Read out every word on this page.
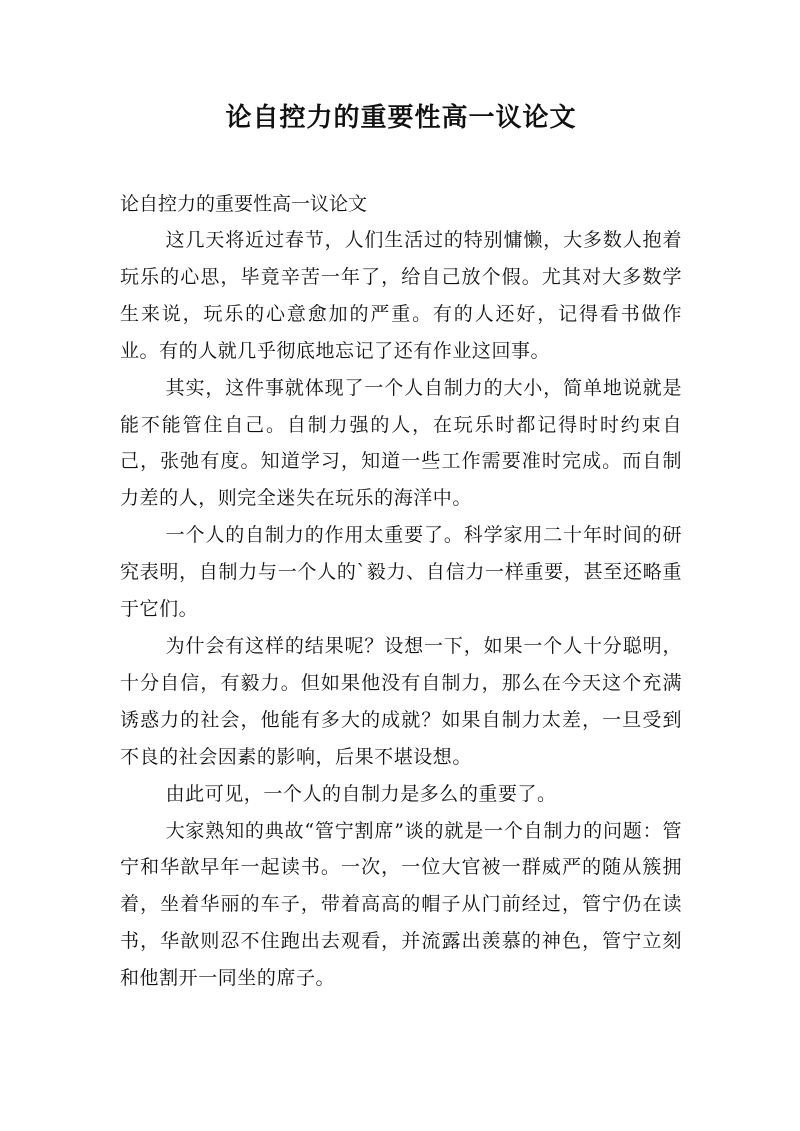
论自控力的重要性高一议论文
论自控力的重要性高一议论文

这几天将近过春节，人们生活过的特别慵懒，大多数人抱着玩乐的心思，毕竟辛苦一年了，给自己放个假。尤其对大多数学生来说，玩乐的心意愈加的严重。有的人还好，记得看书做作业。有的人就几乎彻底地忘记了还有作业这回事。

其实，这件事就体现了一个人自制力的大小，简单地说就是能不能管住自己。自制力强的人，在玩乐时都记得时时约束自己，张弛有度。知道学习，知道一些工作需要准时完成。而自制力差的人，则完全迷失在玩乐的海洋中。

一个人的自制力的作用太重要了。科学家用二十年时间的研究表明，自制力与一个人的`毅力、自信力一样重要，甚至还略重于它们。

为什会有这样的结果呢？设想一下，如果一个人十分聪明，十分自信，有毅力。但如果他没有自制力，那么在今天这个充满诱惑力的社会，他能有多大的成就？如果自制力太差，一旦受到不良的社会因素的影响，后果不堪设想。

由此可见，一个人的自制力是多么的重要了。

大家熟知的典故“管宁割席”谈的就是一个自制力的问题：管宁和华歆早年一起读书。一次，一位大官被一群威严的随从簇拥着，坐着华丽的车子，带着高高的帽子从门前经过，管宁仍在读书，华歆则忍不住跑出去观看，并流露出羡慕的神色，管宁立刻和他割开一同坐的席子。
